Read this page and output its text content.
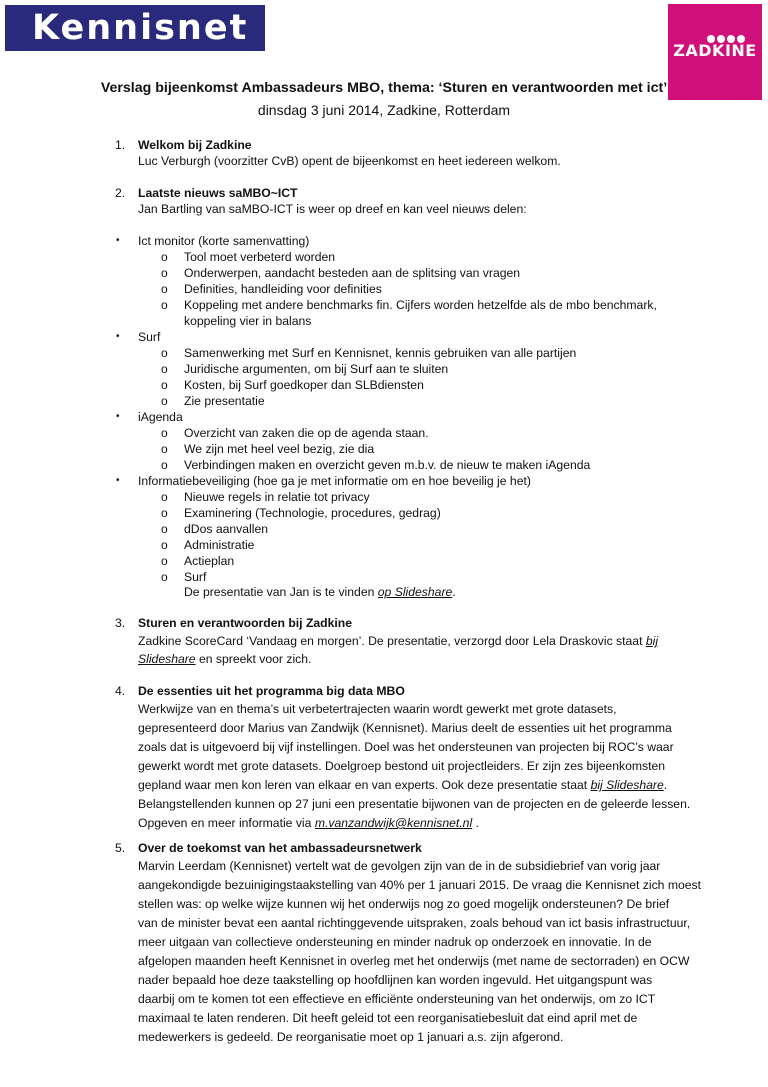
Kennisnet
ZADKINE
Verslag bijeenkomst Ambassadeurs MBO, thema: ‘Sturen en verantwoorden met ict’
dinsdag 3 juni 2014, Zadkine, Rotterdam
1. Welkom bij Zadkine
Luc Verburgh (voorzitter CvB) opent de bijeenkomst en heet iedereen welkom.
2. Laatste nieuws saMBO~ICT
Jan Bartling van saMBO-ICT is weer op dreef en kan veel nieuws delen:
• Ict monitor (korte samenvatting)
o Tool moet verbeterd worden
o Onderwerpen, aandacht besteden aan de splitsing van vragen
o Definities, handleiding voor definities
o Koppeling met andere benchmarks fin. Cijfers worden hetzelfde als de mbo benchmark,
koppeling vier in balans
• Surf
o Samenwerking met Surf en Kennisnet, kennis gebruiken van alle partijen
o Juridische argumenten, om bij Surf aan te sluiten
o Kosten, bij Surf goedkoper dan SLBdiensten
o Zie presentatie
• iAgenda
o Overzicht van zaken die op de agenda staan.
o We zijn met heel veel bezig, zie dia
o Verbindingen maken en overzicht geven m.b.v. de nieuw te maken iAgenda
• Informatiebeveiliging (hoe ga je met informatie om en hoe beveilig je het)
o Nieuwe regels in relatie tot privacy
o Examinering (Technologie, procedures, gedrag)
o dDos aanvallen
o Administratie
o Actieplan
o Surf
De presentatie van Jan is te vinden op Slideshare.
3. Sturen en verantwoorden bij Zadkine
Zadkine ScoreCard ‘Vandaag en morgen’. De presentatie, verzorgd door Lela Draskovic staat bij
Slideshare en spreekt voor zich.
4. De essenties uit het programma big data MBO
Werkwijze van en thema’s uit verbetertrajecten waarin wordt gewerkt met grote datasets,
gepresenteerd door Marius van Zandwijk (Kennisnet). Marius deelt de essenties uit het programma
zoals dat is uitgevoerd bij vijf instellingen. Doel was het ondersteunen van projecten bij ROC’s waar
gewerkt wordt met grote datasets. Doelgroep bestond uit projectleiders. Er zijn zes bijeenkomsten
gepland waar men kon leren van elkaar en van experts. Ook deze presentatie staat bij Slideshare.
Belangstellenden kunnen op 27 juni een presentatie bijwonen van de projecten en de geleerde lessen.
Opgeven en meer informatie via m.vanzandwijk@kennisnet.nl .
5. Over de toekomst van het ambassadeursnetwerk
Marvin Leerdam (Kennisnet) vertelt wat de gevolgen zijn van de in de subsidiebrief van vorig jaar
aangekondigde bezuinigingstaakstelling van 40% per 1 januari 2015. De vraag die Kennisnet zich moest
stellen was: op welke wijze kunnen wij het onderwijs nog zo goed mogelijk ondersteunen? De brief
van de minister bevat een aantal richtinggevende uitspraken, zoals behoud van ict basis infrastructuur,
meer uitgaan van collectieve ondersteuning en minder nadruk op onderzoek en innovatie. In de
afgelopen maanden heeft Kennisnet in overleg met het onderwijs (met name de sectorraden) en OCW
nader bepaald hoe deze taakstelling op hoofdlijnen kan worden ingevuld. Het uitgangspunt was
daarbij om te komen tot een effectieve en efficiënte ondersteuning van het onderwijs, om zo ICT
maximaal te laten renderen. Dit heeft geleid tot een reorganisatiebesluit dat eind april met de
medewerkers is gedeeld. De reorganisatie moet op 1 januari a.s. zijn afgerond.
